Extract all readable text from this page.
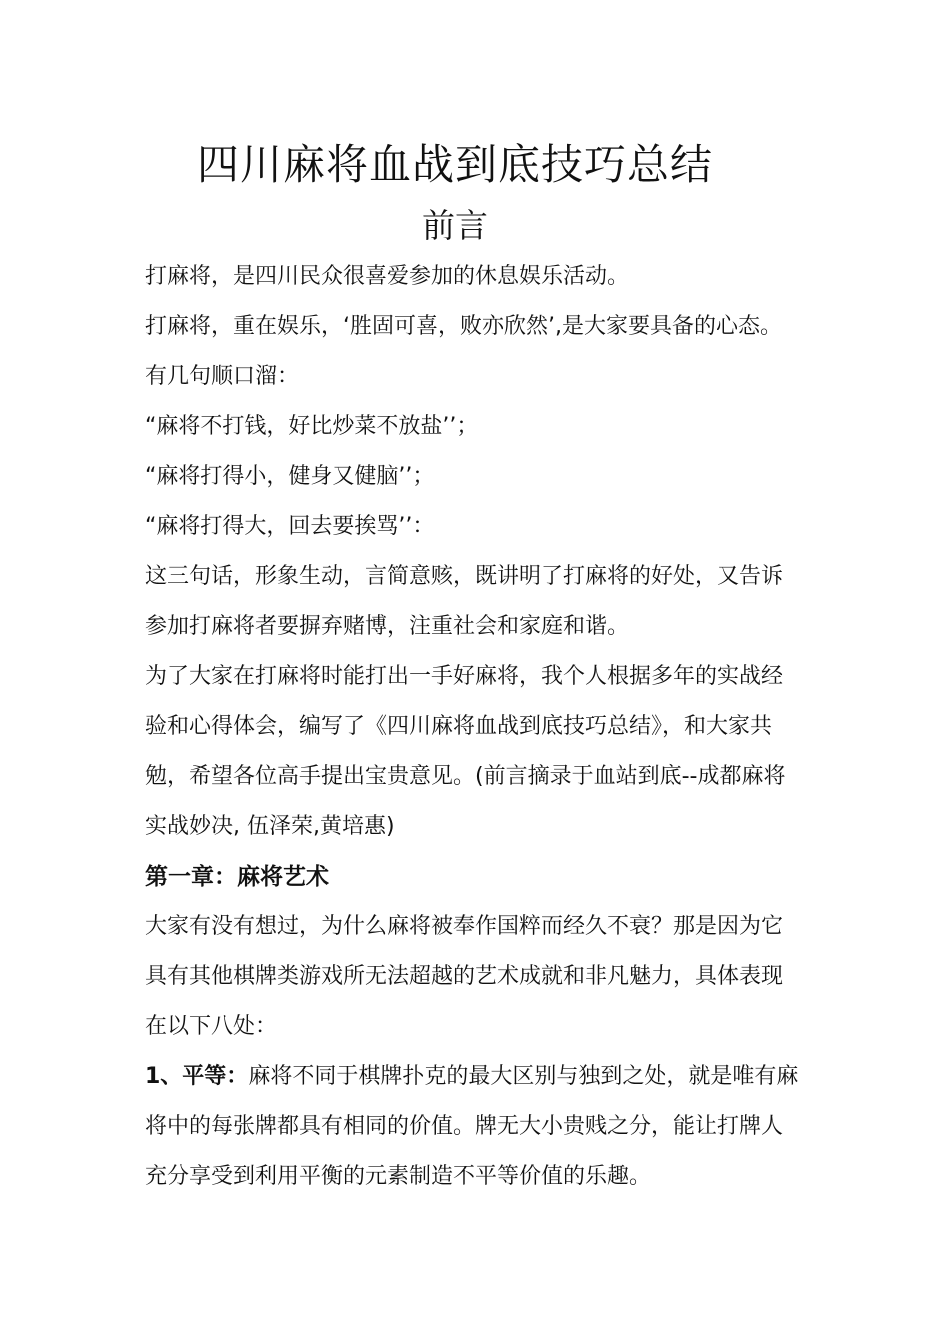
四川麻将血战到底技巧总结
前言
打麻将，是四川民众很喜爱参加的休息娱乐活动。
打麻将，重在娱乐，‘胜固可喜，败亦欣然’,是大家要具备的心态。
有几句顺口溜：
“麻将不打钱，好比炒菜不放盐’’；
“麻将打得小，健身又健脑’’；
“麻将打得大，回去要挨骂’’：
这三句话，形象生动，言简意赅，既讲明了打麻将的好处，又告诉
参加打麻将者要摒弃赌博，注重社会和家庭和谐。
为了大家在打麻将时能打出一手好麻将，我个人根据多年的实战经
验和心得体会，编写了《四川麻将血战到底技巧总结》，和大家共
勉，希望各位高手提出宝贵意见。(前言摘录于血站到底--成都麻将
实战妙决, 伍泽荣,黄培惠)
第一章：麻将艺术
大家有没有想过，为什么麻将被奉作国粹而经久不衰？那是因为它
具有其他棋牌类游戏所无法超越的艺术成就和非凡魅力，具体表现
在以下八处：
1、平等：麻将不同于棋牌扑克的最大区别与独到之处，就是唯有麻
将中的每张牌都具有相同的价值。牌无大小贵贱之分，能让打牌人
充分享受到利用平衡的元素制造不平等价值的乐趣。
